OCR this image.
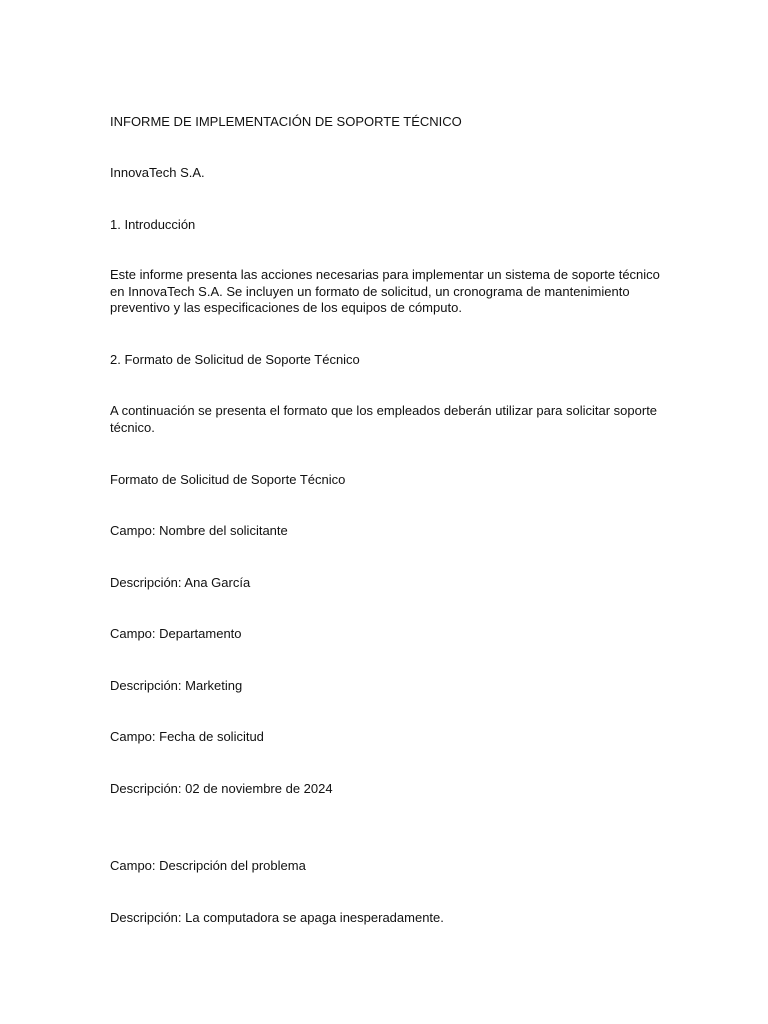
INFORME DE IMPLEMENTACIÓN DE SOPORTE TÉCNICO

InnovaTech S.A.

1. Introducción

Este informe presenta las acciones necesarias para implementar un sistema de soporte técnico en InnovaTech S.A. Se incluyen un formato de solicitud, un cronograma de mantenimiento preventivo y las especificaciones de los equipos de cómputo.

2. Formato de Solicitud de Soporte Técnico

A continuación se presenta el formato que los empleados deberán utilizar para solicitar soporte técnico.

Formato de Solicitud de Soporte Técnico

Campo: Nombre del solicitante

Descripción: Ana García

Campo: Departamento

Descripción: Marketing

Campo: Fecha de solicitud

Descripción: 02 de noviembre de 2024

Campo: Descripción del problema

Descripción: La computadora se apaga inesperadamente.
